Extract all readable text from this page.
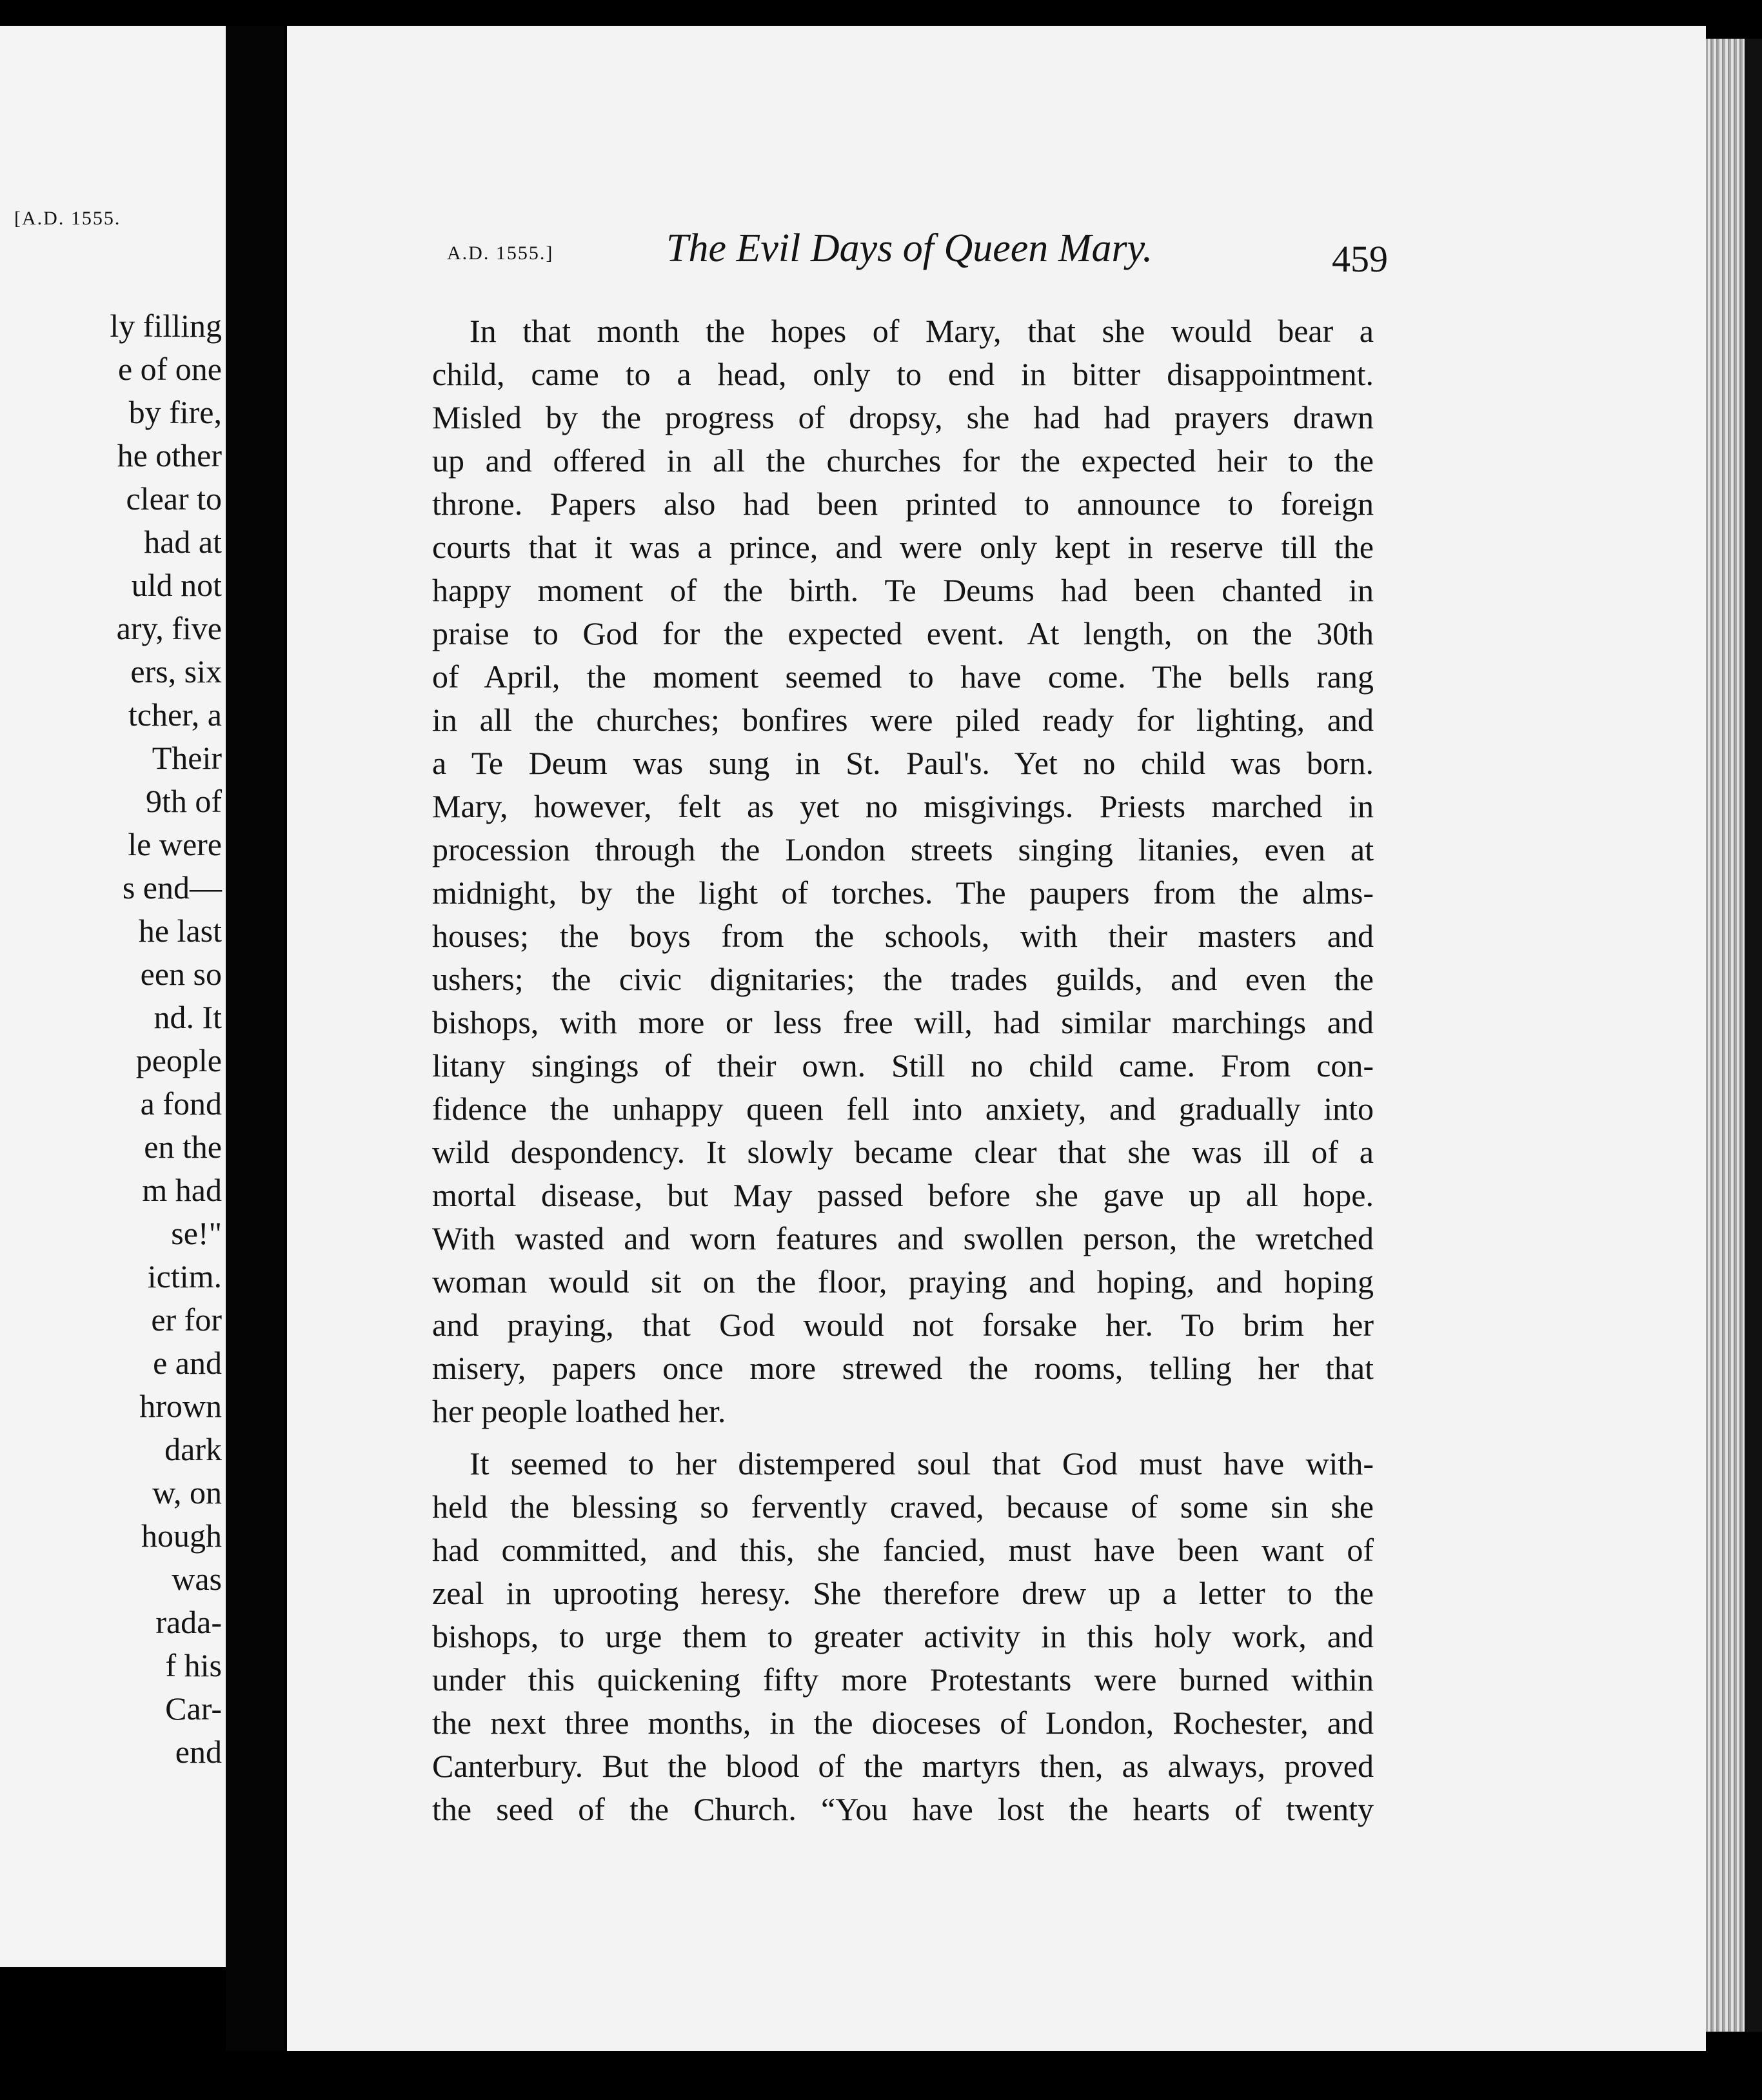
[A.D. 1555.
ly filling
e of one
by fire,
he other
clear to
had at
uld not
ary, five
ers, six
tcher, a
Their
9th of
le were
s end—
he last
een so
nd. It
people
a fond
en the
m had
se!"
ictim.
er for
e and
hrown
dark
w, on
hough
was
rada-
f his
Car-
end
A.D. 1555.]	The Evil Days of Queen Mary.	459
In that month the hopes of Mary, that she would bear a
child, came to a head, only to end in bitter disappointment.
Misled by the progress of dropsy, she had had prayers drawn
up and offered in all the churches for the expected heir to the
throne. Papers also had been printed to announce to foreign
courts that it was a prince, and were only kept in reserve till the
happy moment of the birth. Te Deums had been chanted in
praise to God for the expected event. At length, on the 30th
of April, the moment seemed to have come. The bells rang
in all the churches; bonfires were piled ready for lighting, and
a Te Deum was sung in St. Paul's. Yet no child was born.
Mary, however, felt as yet no misgivings. Priests marched in
procession through the London streets singing litanies, even at
midnight, by the light of torches. The paupers from the alms-
houses; the boys from the schools, with their masters and
ushers; the civic dignitaries; the trades guilds, and even the
bishops, with more or less free will, had similar marchings and
litany singings of their own. Still no child came. From con-
fidence the unhappy queen fell into anxiety, and gradually into
wild despondency. It slowly became clear that she was ill of a
mortal disease, but May passed before she gave up all hope.
With wasted and worn features and swollen person, the wretched
woman would sit on the floor, praying and hoping, and hoping
and praying, that God would not forsake her. To brim her
misery, papers once more strewed the rooms, telling her that
her people loathed her.
It seemed to her distempered soul that God must have with-
held the blessing so fervently craved, because of some sin she
had committed, and this, she fancied, must have been want of
zeal in uprooting heresy. She therefore drew up a letter to the
bishops, to urge them to greater activity in this holy work, and
under this quickening fifty more Protestants were burned within
the next three months, in the dioceses of London, Rochester, and
Canterbury. But the blood of the martyrs then, as always, proved
the seed of the Church. “You have lost the hearts of twenty
